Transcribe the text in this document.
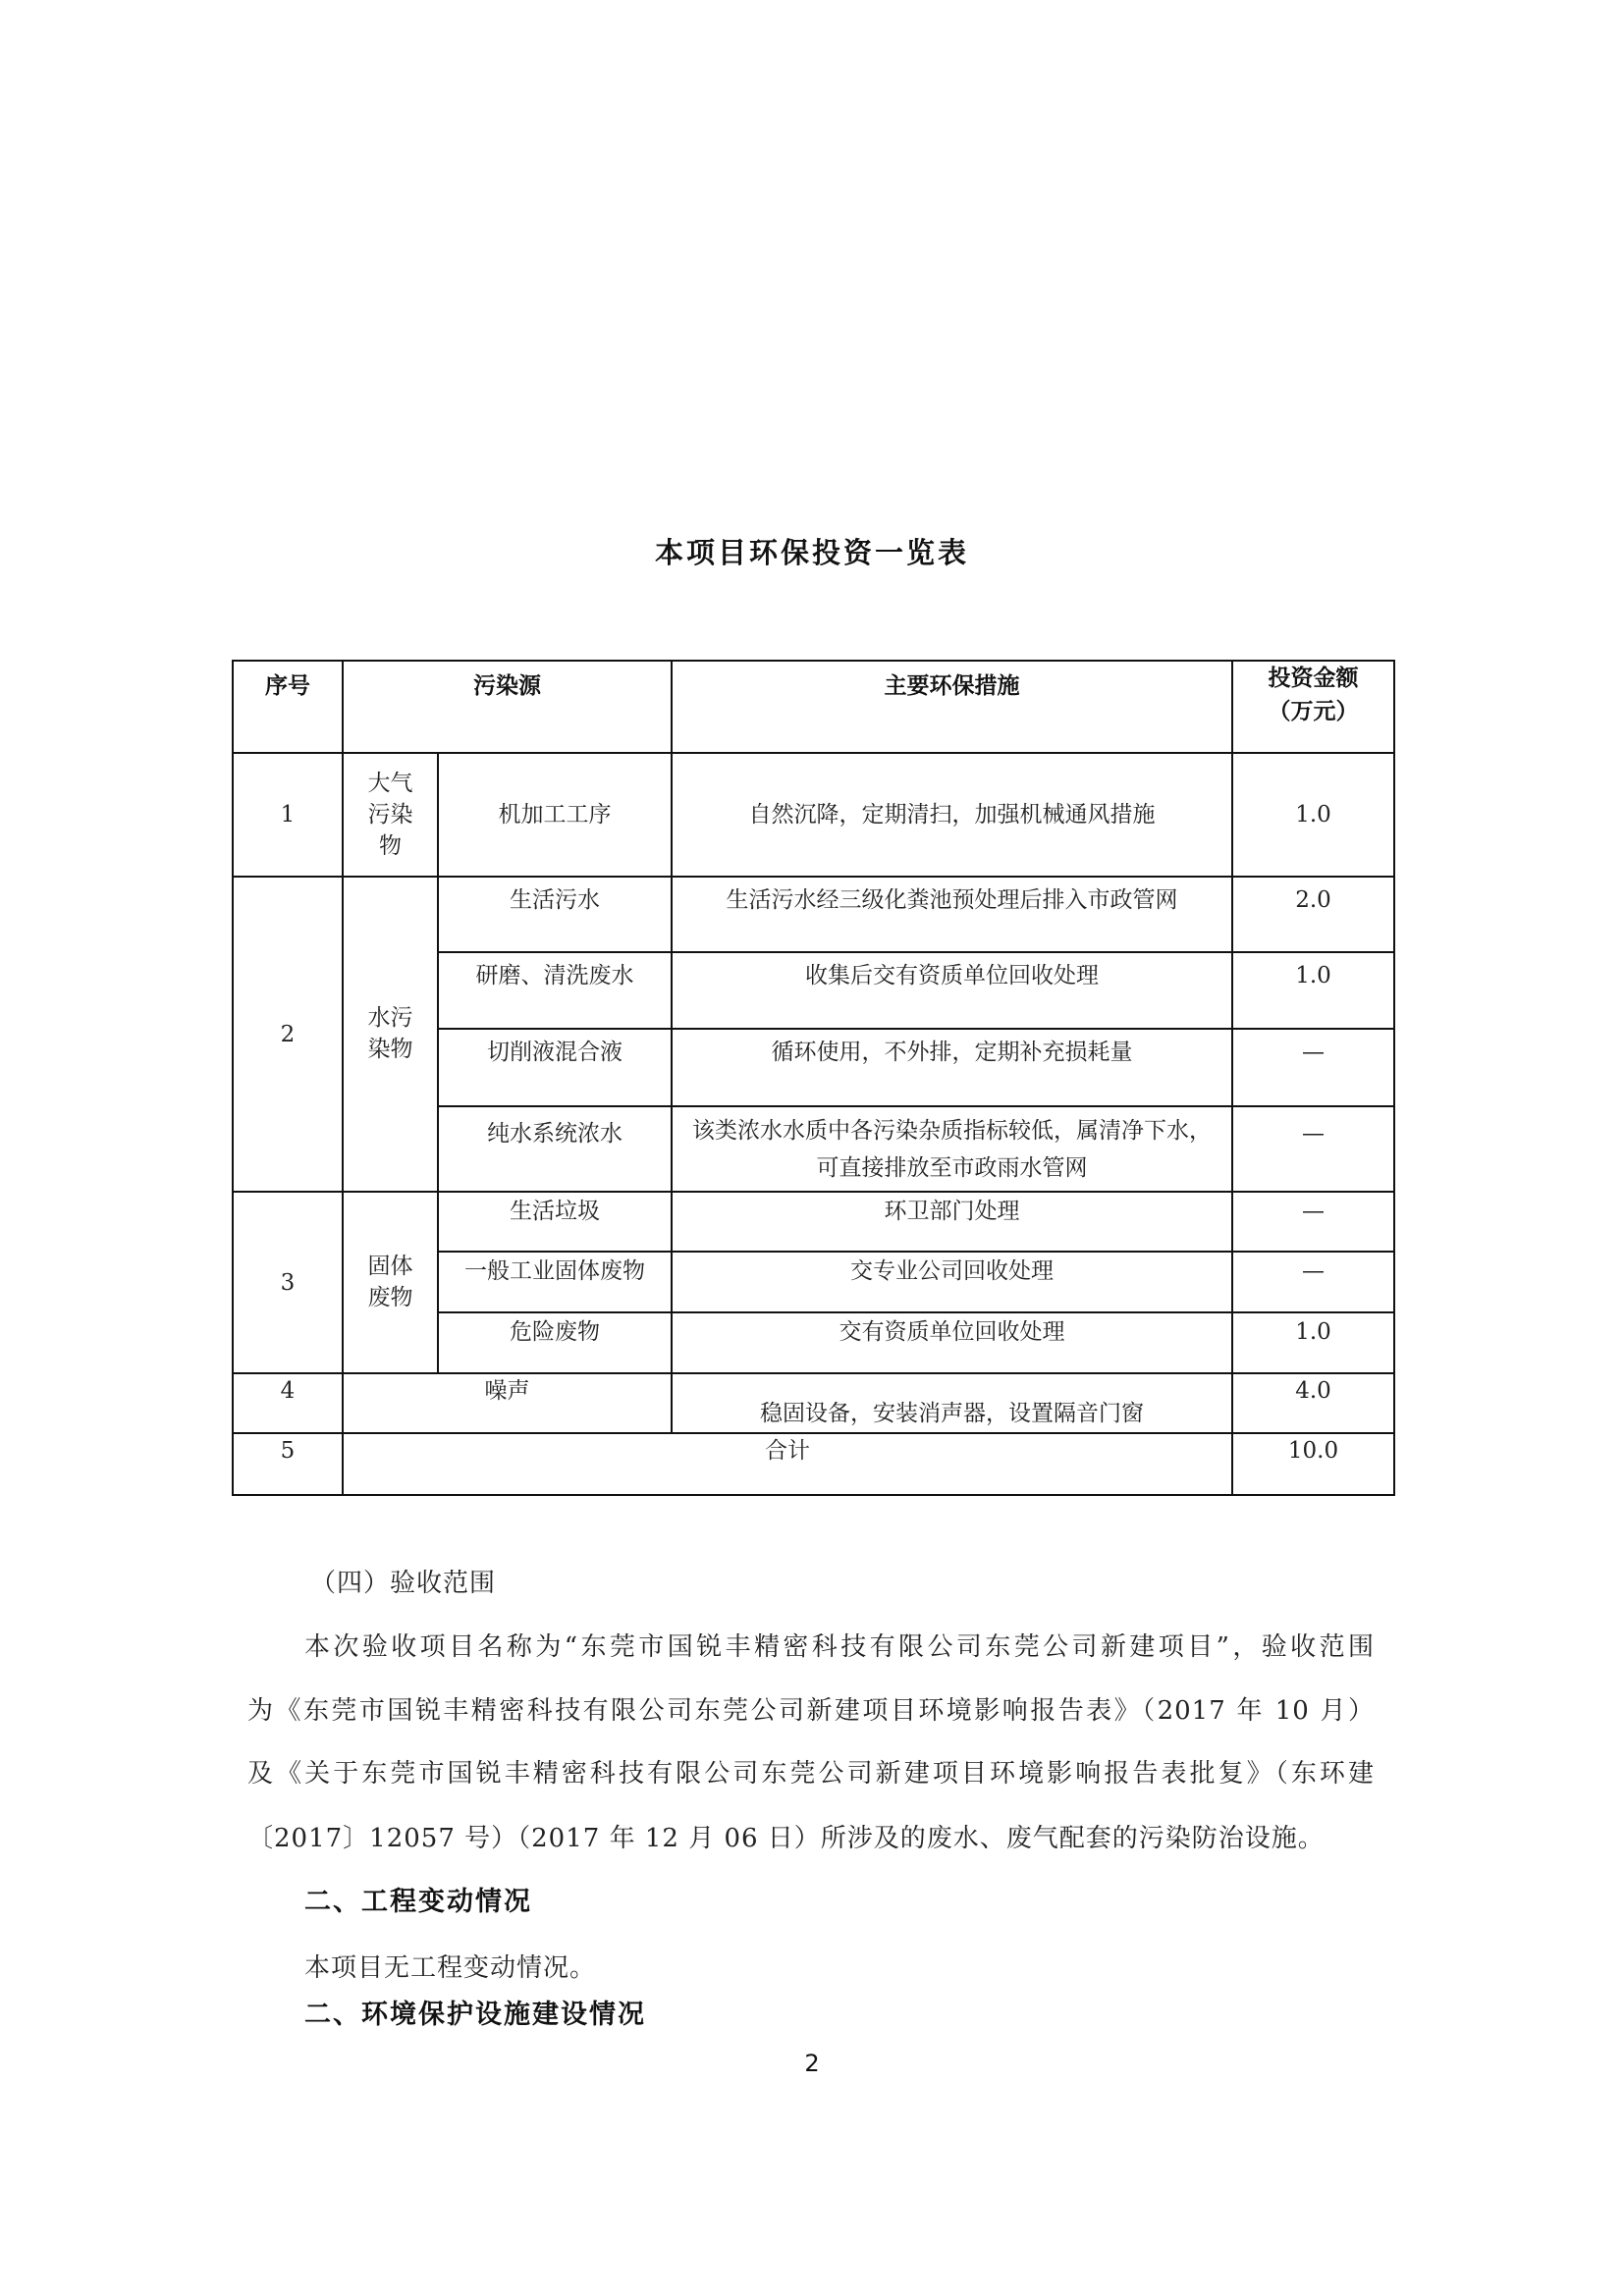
本项目环保投资一览表
序号	污染源		主要环保措施	投资金额
（万元）

1	大气污染物	机加工工序	自然沉降，定期清扫，加强机械通风措施	1.0
2	水污染物	生活污水	生活污水经三级化粪池预处理后排入市政管网	2.0
		研磨、清洗废水	收集后交有资质单位回收处理	1.0
		切削液混合液	循环使用，不外排，定期补充损耗量	—
		纯水系统浓水	该类浓水水质中各污染杂质指标较低，属清净下水，可直接排放至市政雨水管网	—
3	固体废物	生活垃圾	环卫部门处理	—
		一般工业固体废物	交专业公司回收处理	—
		危险废物	交有资质单位回收处理	1.0
4	噪声		稳固设备，安装消声器，设置隔音门窗	4.0
5	合计			10.0
（四）验收范围
本次验收项目名称为“东莞市国锐丰精密科技有限公司东莞公司新建项目”，验收范围
为《东莞市国锐丰精密科技有限公司东莞公司新建项目环境影响报告表》（2017 年 10 月）
及《关于东莞市国锐丰精密科技有限公司东莞公司新建项目环境影响报告表批复》（东环建
〔2017〕12057 号）（2017 年 12 月 06 日）所涉及的废水、废气配套的污染防治设施。
二、工程变动情况
本项目无工程变动情况。
二、环境保护设施建设情况
2
